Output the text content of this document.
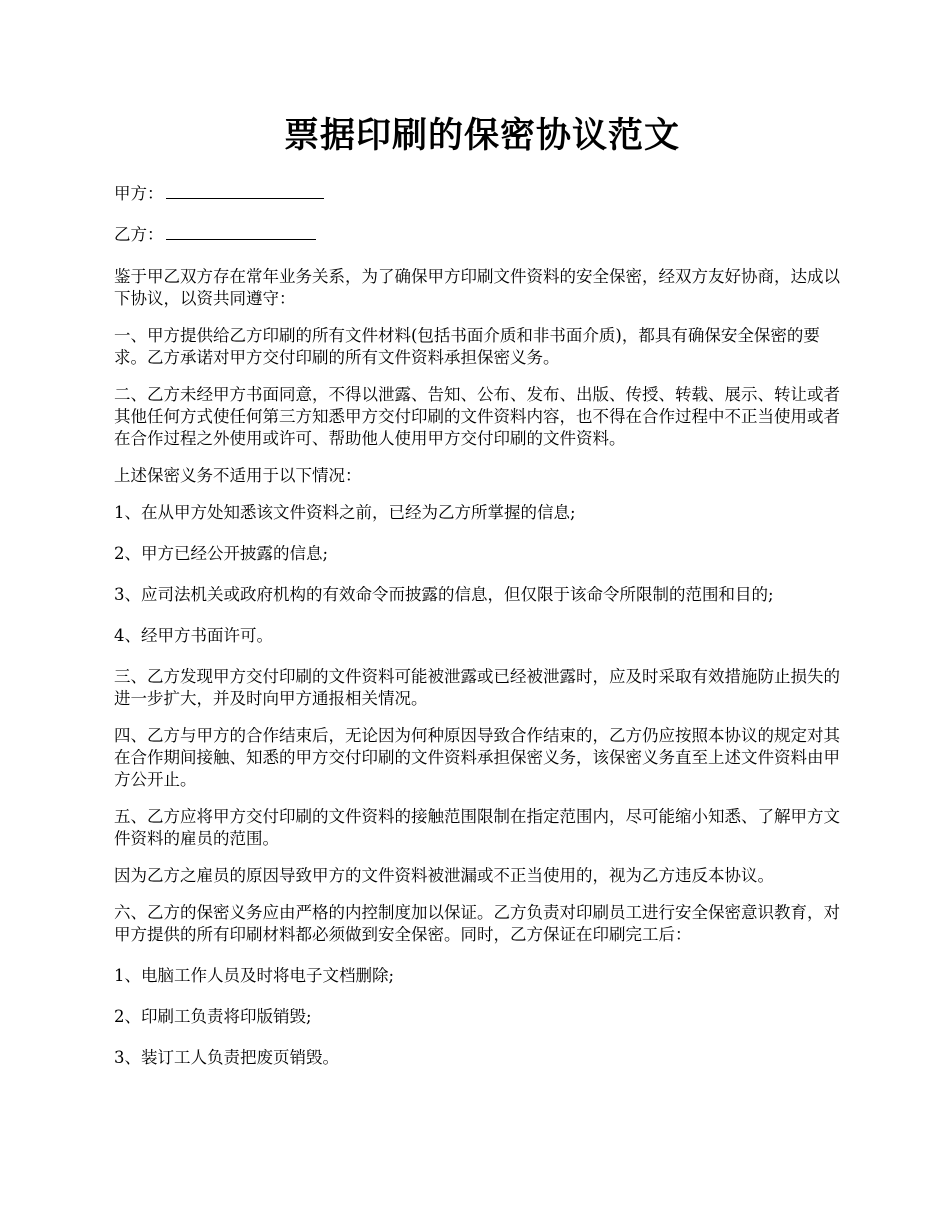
票据印刷的保密协议范文
甲方：
乙方：

鉴于甲乙双方存在常年业务关系，为了确保甲方印刷文件资料的安全保密，经双方友好协商，达成以下协议，以资共同遵守：

一、甲方提供给乙方印刷的所有文件材料(包括书面介质和非书面介质)，都具有确保安全保密的要求。乙方承诺对甲方交付印刷的所有文件资料承担保密义务。

二、乙方未经甲方书面同意，不得以泄露、告知、公布、发布、出版、传授、转载、展示、转让或者其他任何方式使任何第三方知悉甲方交付印刷的文件资料内容，也不得在合作过程中不正当使用或者在合作过程之外使用或许可、帮助他人使用甲方交付印刷的文件资料。

上述保密义务不适用于以下情况：

1、在从甲方处知悉该文件资料之前，已经为乙方所掌握的信息;

2、甲方已经公开披露的信息;

3、应司法机关或政府机构的有效命令而披露的信息，但仅限于该命令所限制的范围和目的;

4、经甲方书面许可。

三、乙方发现甲方交付印刷的文件资料可能被泄露或已经被泄露时，应及时采取有效措施防止损失的进一步扩大，并及时向甲方通报相关情况。

四、乙方与甲方的合作结束后，无论因为何种原因导致合作结束的，乙方仍应按照本协议的规定对其在合作期间接触、知悉的甲方交付印刷的文件资料承担保密义务，该保密义务直至上述文件资料由甲方公开止。

五、乙方应将甲方交付印刷的文件资料的接触范围限制在指定范围内，尽可能缩小知悉、了解甲方文件资料的雇员的范围。

因为乙方之雇员的原因导致甲方的文件资料被泄漏或不正当使用的，视为乙方违反本协议。

六、乙方的保密义务应由严格的内控制度加以保证。乙方负责对印刷员工进行安全保密意识教育，对甲方提供的所有印刷材料都必须做到安全保密。同时，乙方保证在印刷完工后：

1、电脑工作人员及时将电子文档删除;

2、印刷工负责将印版销毁;

3、装订工人负责把废页销毁。
